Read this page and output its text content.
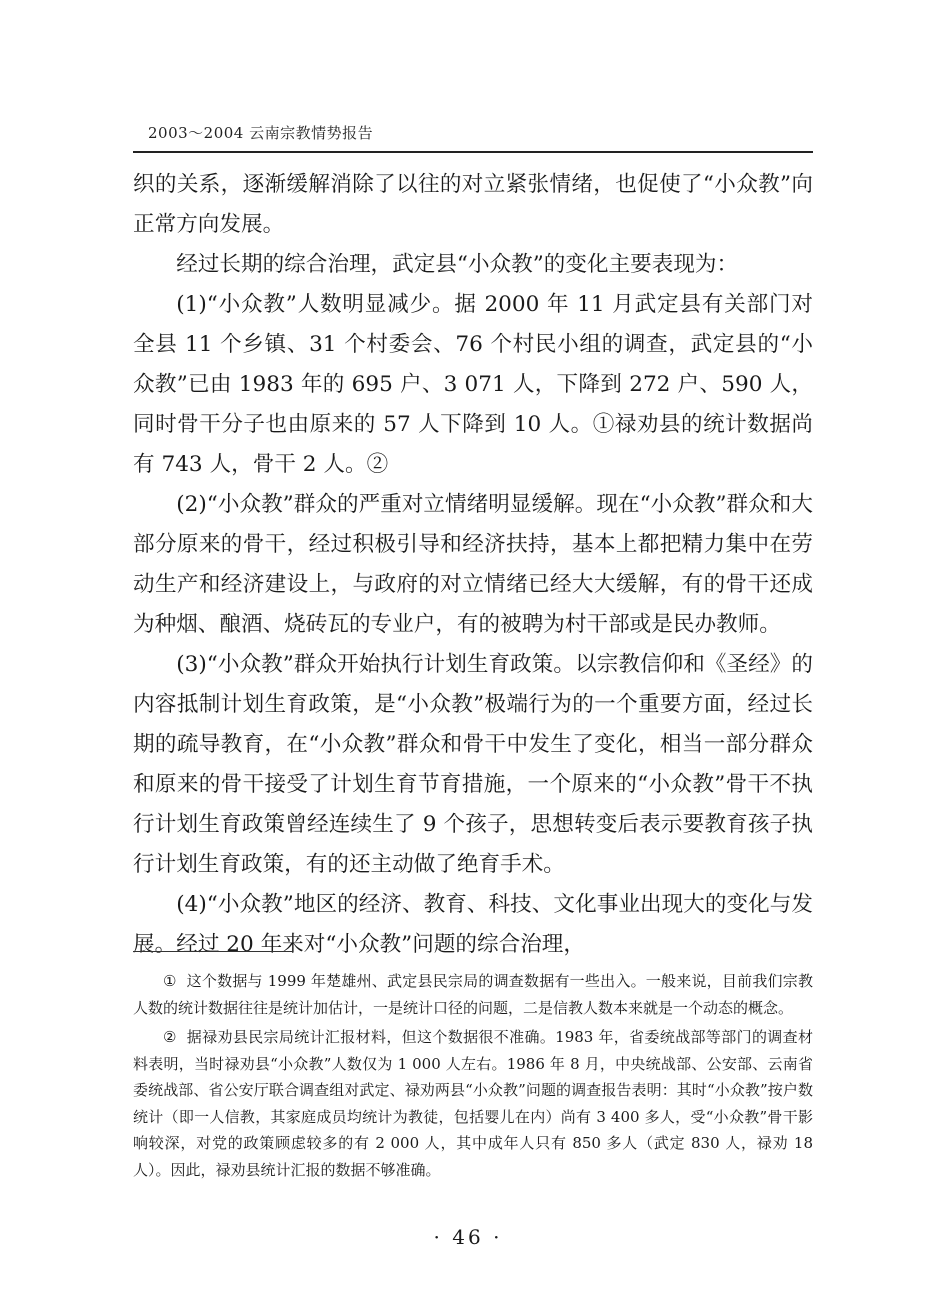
2003～2004 云南宗教情势报告

织的关系，逐渐缓解消除了以往的对立紧张情绪，也促使了“小众教”向正常方向发展。

经过长期的综合治理，武定县“小众教”的变化主要表现为：

(1)“小众教”人数明显减少。据 2000 年 11 月武定县有关部门对全县 11 个乡镇、31 个村委会、76 个村民小组的调查，武定县的“小众教”已由 1983 年的 695 户、3 071 人，下降到 272 户、590 人，同时骨干分子也由原来的 57 人下降到 10 人。①禄劝县的统计数据尚有 743 人，骨干 2 人。②

(2)“小众教”群众的严重对立情绪明显缓解。现在“小众教”群众和大部分原来的骨干，经过积极引导和经济扶持，基本上都把精力集中在劳动生产和经济建设上，与政府的对立情绪已经大大缓解，有的骨干还成为种烟、酿酒、烧砖瓦的专业户，有的被聘为村干部或是民办教师。

(3)“小众教”群众开始执行计划生育政策。以宗教信仰和《圣经》的内容抵制计划生育政策，是“小众教”极端行为的一个重要方面，经过长期的疏导教育，在“小众教”群众和骨干中发生了变化，相当一部分群众和原来的骨干接受了计划生育节育措施，一个原来的“小众教”骨干不执行计划生育政策曾经连续生了 9 个孩子，思想转变后表示要教育孩子执行计划生育政策，有的还主动做了绝育手术。

(4)“小众教”地区的经济、教育、科技、文化事业出现大的变化与发展。经过 20 年来对“小众教”问题的综合治理，

① 这个数据与 1999 年楚雄州、武定县民宗局的调查数据有一些出入。一般来说，目前我们宗教人数的统计数据往往是统计加估计，一是统计口径的问题，二是信教人数本来就是一个动态的概念。

② 据禄劝县民宗局统计汇报材料，但这个数据很不准确。1983 年，省委统战部等部门的调查材料表明，当时禄劝县“小众教”人数仅为 1 000 人左右。1986 年 8 月，中央统战部、公安部、云南省委统战部、省公安厅联合调查组对武定、禄劝两县“小众教”问题的调查报告表明：其时“小众教”按户数统计（即一人信教，其家庭成员均统计为教徒，包括婴儿在内）尚有 3 400 多人，受“小众教”骨干影响较深，对党的政策顾虑较多的有 2 000 人，其中成年人只有 850 多人（武定 830 人，禄劝 18 人）。因此，禄劝县统计汇报的数据不够准确。

· 46 ·
